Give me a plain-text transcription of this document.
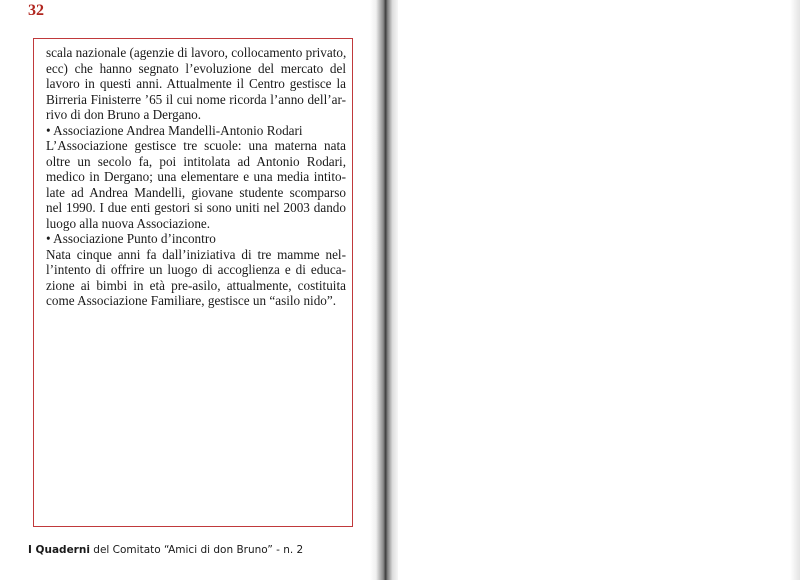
32
scala nazionale (agenzie di lavoro, collocamento privato,
ecc) che hanno segnato l’evoluzione del mercato del
lavoro in questi anni. Attualmente il Centro gestisce la
Birreria Finisterre ’65 il cui nome ricorda l’anno dell’ar-
rivo di don Bruno a Dergano.
• Associazione Andrea Mandelli-Antonio Rodari
L’Associazione gestisce tre scuole: una materna nata
oltre un secolo fa, poi intitolata ad Antonio Rodari,
medico in Dergano; una elementare e una media intito-
late ad Andrea Mandelli, giovane studente scomparso
nel 1990. I due enti gestori si sono uniti nel 2003 dando
luogo alla nuova Associazione.
• Associazione Punto d’incontro
Nata cinque anni fa dall’iniziativa di tre mamme nel-
l’intento di offrire un luogo di accoglienza e di educa-
zione ai bimbi in età pre-asilo, attualmente, costituita
come Associazione Familiare, gestisce un “asilo nido”.
I Quaderni del Comitato “Amici di don Bruno” - n. 2
